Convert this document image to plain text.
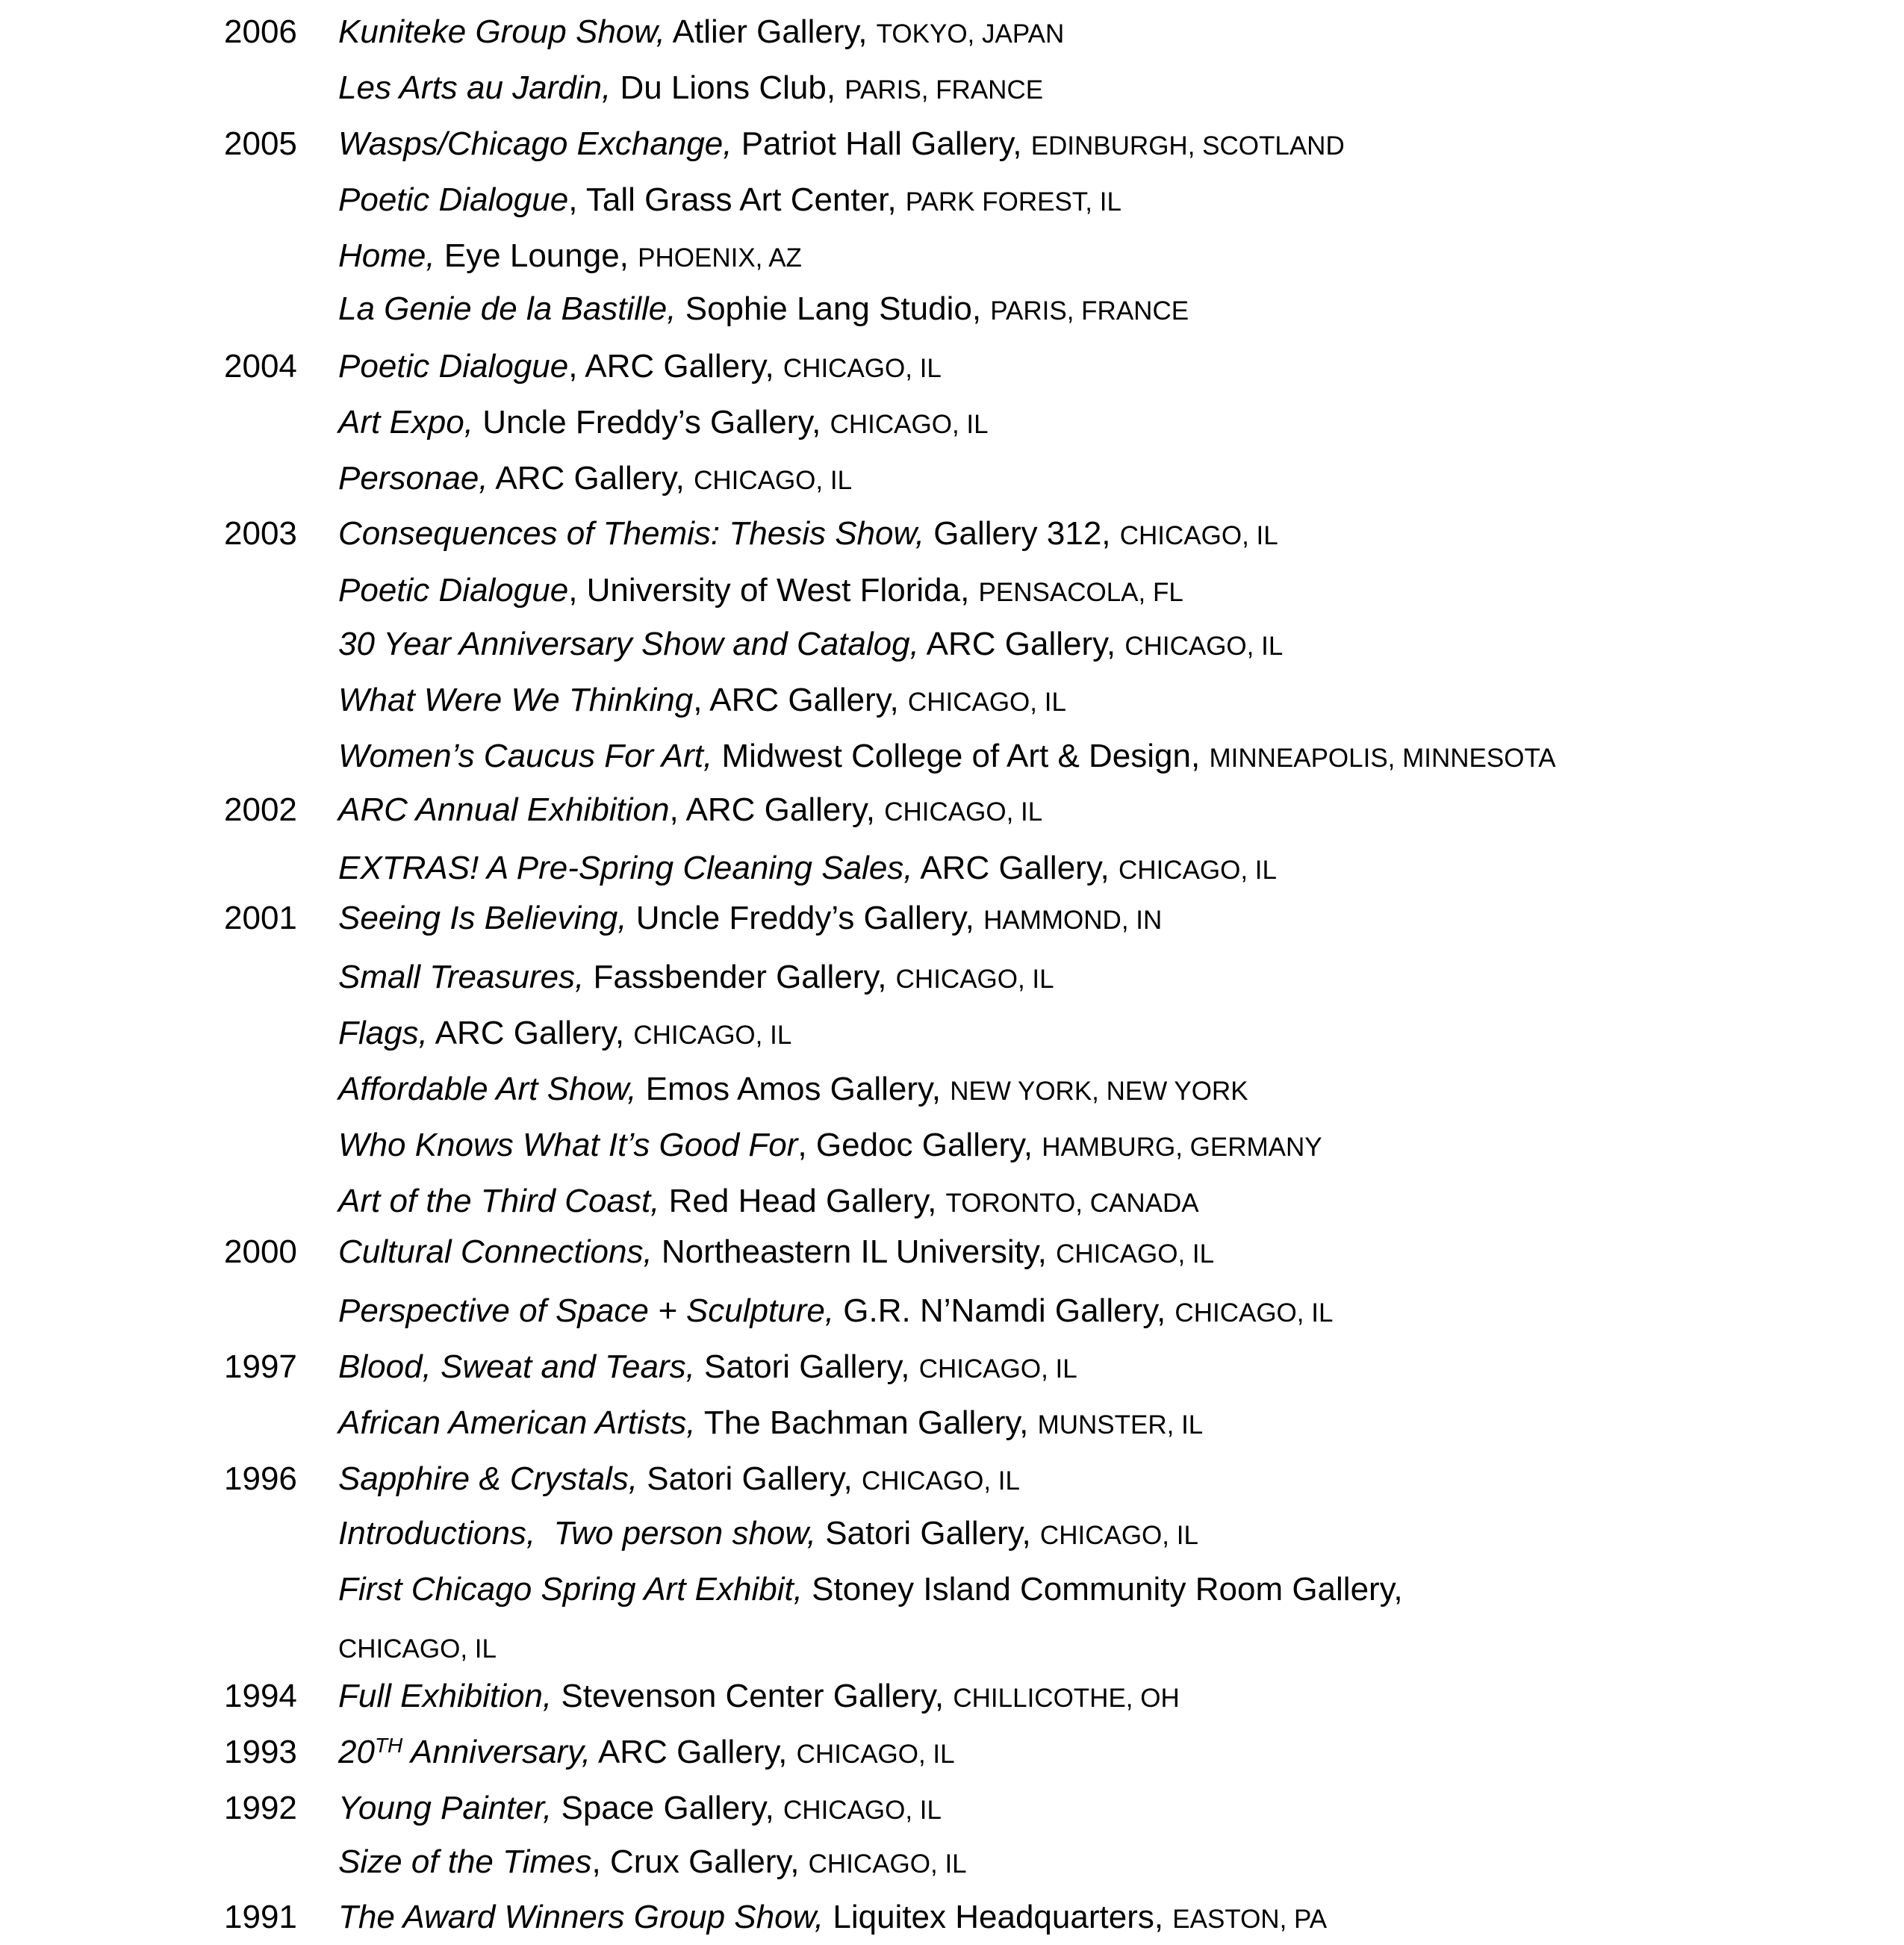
2006 Kuniteke Group Show, Atlier Gallery, TOKYO, JAPAN
Les Arts au Jardin, Du Lions Club, PARIS, FRANCE
2005 Wasps/Chicago Exchange, Patriot Hall Gallery, EDINBURGH, SCOTLAND
Poetic Dialogue, Tall Grass Art Center, PARK FOREST, IL
Home, Eye Lounge, PHOENIX, AZ
La Genie de la Bastille, Sophie Lang Studio, PARIS, FRANCE
2004 Poetic Dialogue, ARC Gallery, CHICAGO, IL
Art Expo, Uncle Freddy’s Gallery, CHICAGO, IL
Personae, ARC Gallery, CHICAGO, IL
2003 Consequences of Themis: Thesis Show, Gallery 312, CHICAGO, IL
Poetic Dialogue, University of West Florida, PENSACOLA, FL
30 Year Anniversary Show and Catalog, ARC Gallery, CHICAGO, IL
What Were We Thinking, ARC Gallery, CHICAGO, IL
Women’s Caucus For Art, Midwest College of Art & Design, MINNEAPOLIS, MINNESOTA
2002 ARC Annual Exhibition, ARC Gallery, CHICAGO, IL
EXTRAS! A Pre-Spring Cleaning Sales, ARC Gallery, CHICAGO, IL
2001 Seeing Is Believing, Uncle Freddy’s Gallery, HAMMOND, IN
Small Treasures, Fassbender Gallery, CHICAGO, IL
Flags, ARC Gallery, CHICAGO, IL
Affordable Art Show, Emos Amos Gallery, NEW YORK, NEW YORK
Who Knows What It’s Good For, Gedoc Gallery, HAMBURG, GERMANY
Art of the Third Coast, Red Head Gallery, TORONTO, CANADA
2000 Cultural Connections, Northeastern IL University, CHICAGO, IL
Perspective of Space + Sculpture, G.R. N’Namdi Gallery, CHICAGO, IL
1997 Blood, Sweat and Tears, Satori Gallery, CHICAGO, IL
African American Artists, The Bachman Gallery, MUNSTER, IL
1996 Sapphire & Crystals, Satori Gallery, CHICAGO, IL
Introductions,  Two person show, Satori Gallery, CHICAGO, IL
First Chicago Spring Art Exhibit, Stoney Island Community Room Gallery,
CHICAGO, IL
1994 Full Exhibition, Stevenson Center Gallery, CHILLICOTHE, OH
1993 20TH Anniversary, ARC Gallery, CHICAGO, IL
1992 Young Painter, Space Gallery, CHICAGO, IL
Size of the Times, Crux Gallery, CHICAGO, IL
1991 The Award Winners Group Show, Liquitex Headquarters, EASTON, PA
